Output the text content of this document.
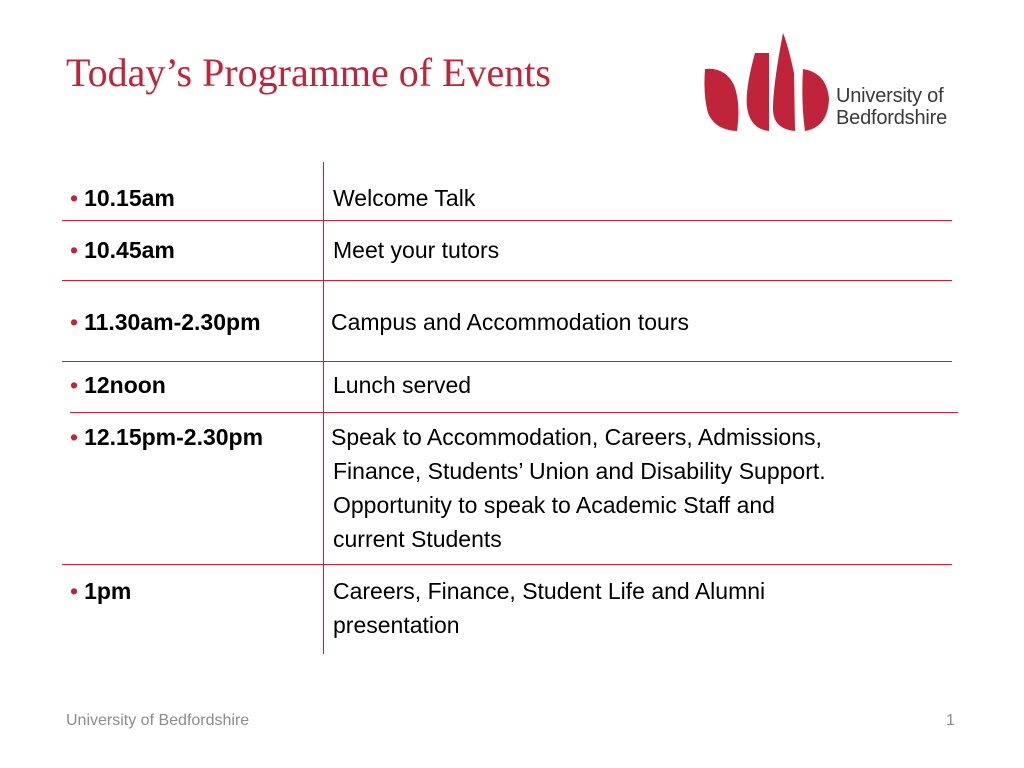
Today’s Programme of Events
University of
Bedfordshire
• 10.15am	Welcome Talk
• 10.45am	Meet your tutors
• 11.30am-2.30pm	Campus and Accommodation tours
• 12noon	Lunch served
• 12.15pm-2.30pm	Speak to Accommodation, Careers, Admissions,
Finance, Students’ Union and Disability Support.
Opportunity to speak to Academic Staff and
current Students
• 1pm	Careers, Finance, Student Life and Alumni
presentation
University of Bedfordshire	1
